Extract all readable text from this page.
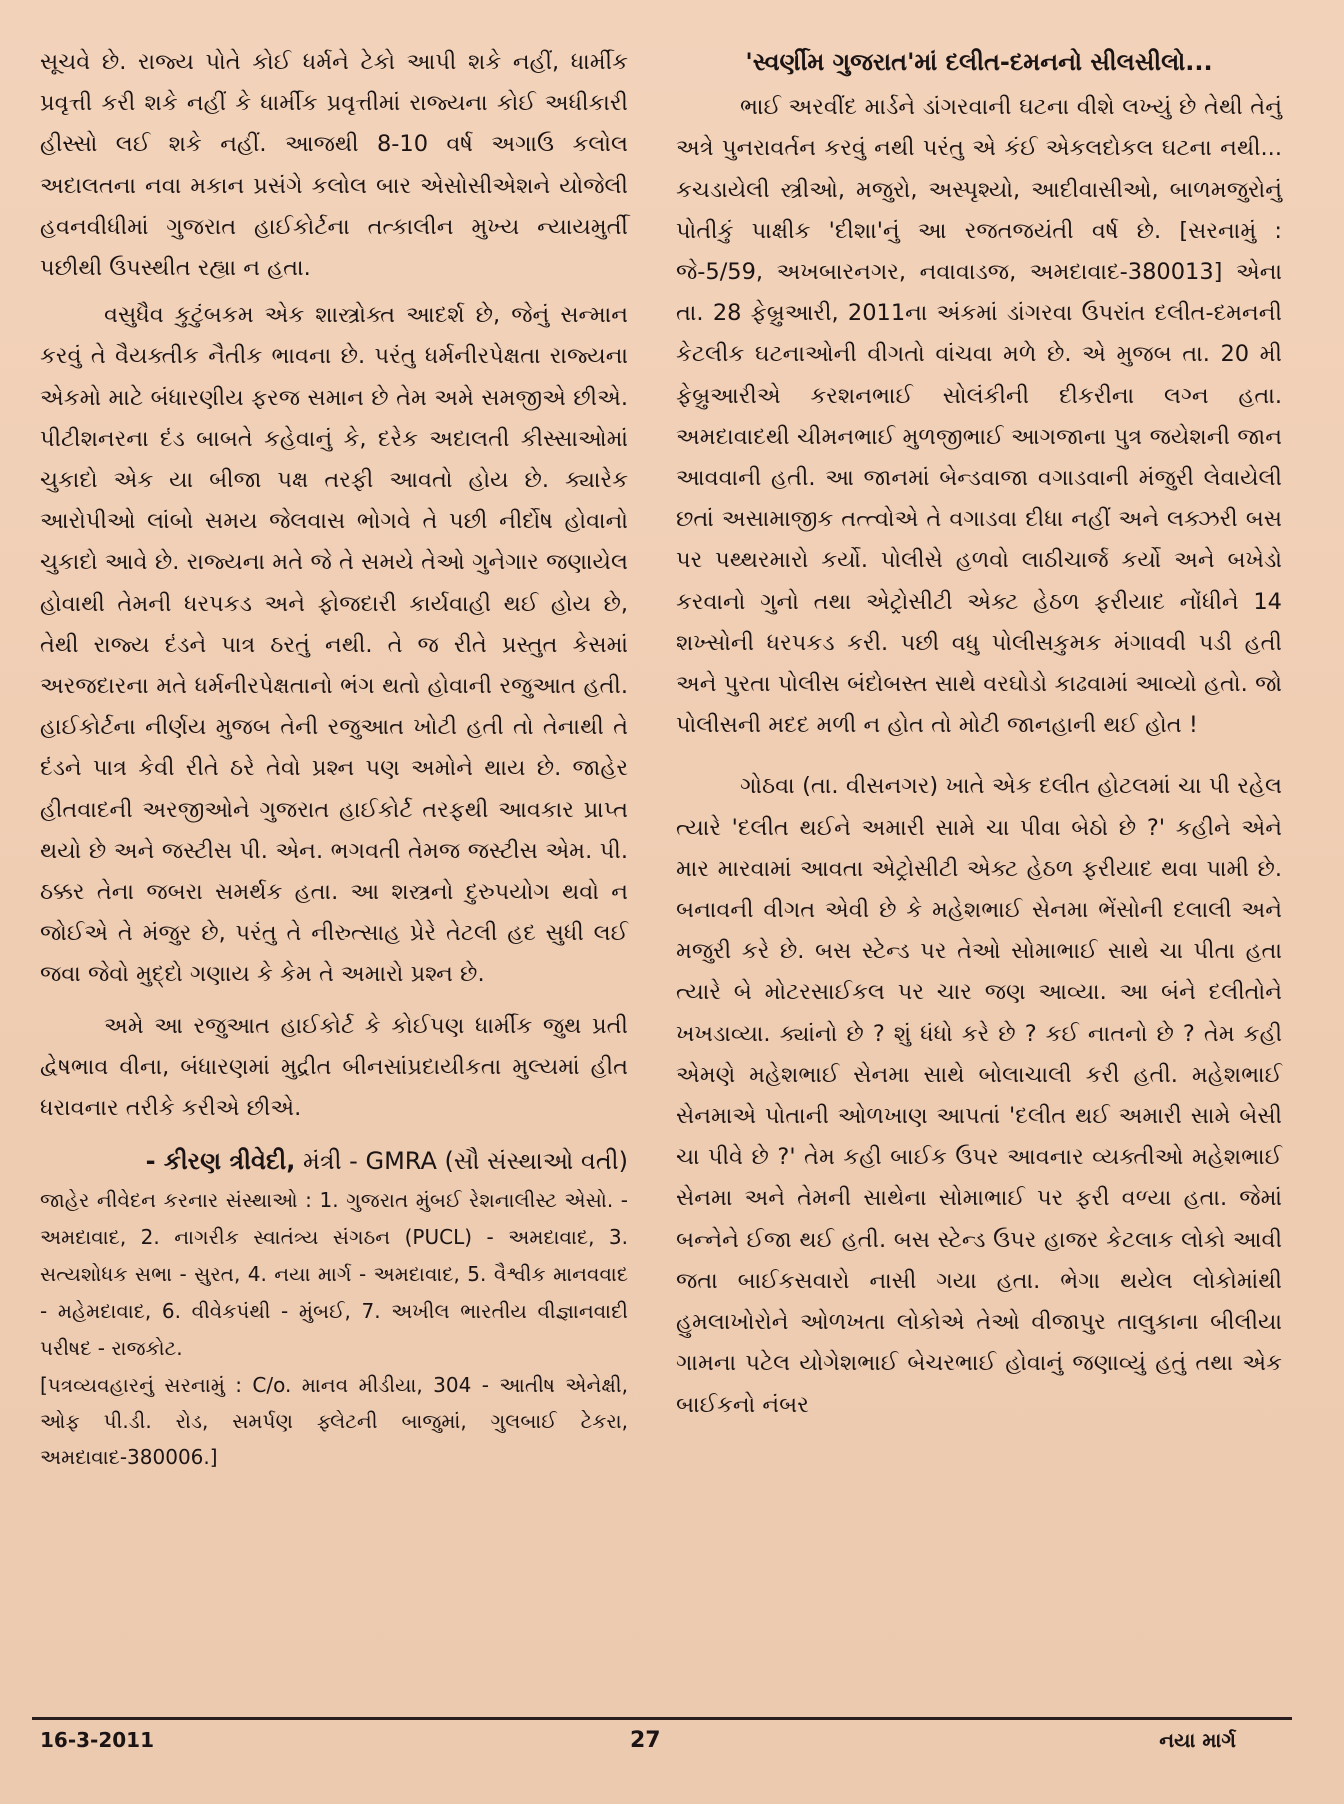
સૂચવે છે. રાજ્ય પોતે કોઈ ધર્મને ટેકો આપી શકે નહીં, ધાર્મીક પ્રવૃત્તી કરી શકે નહીં કે ધાર્મીક પ્રવૃત્તીમાં રાજ્યના કોઈ અધીકારી હીસ્સો લઈ શકે નહીં. આજથી 8-10 વર્ષ અગાઉ કલોલ અદાલતના નવા મકાન પ્રસંગે કલોલ બાર એસોસીએશને યોજેલી હવનવીધીમાં ગુજરાત હાઈકોર્ટના તત્કાલીન મુખ્ય ન્યાયમુર્તી પછીથી ઉપસ્થીત રહ્યા ન હતા.

વસુધૈવ કુટુંબકમ એક શાસ્ત્રોક્ત આદર્શ છે, જેનું સન્માન કરવું તે વૈયક્તીક નૈતીક ભાવના છે. પરંતુ ધર્મનીરપેક્ષતા રાજ્યના એકમો માટે બંધારણીય ફરજ સમાન છે તેમ અમે સમજીએ છીએ. પીટીશનરના દંડ બાબતે કહેવાનું કે, દરેક અદાલતી કીસ્સાઓમાં ચુકાદો એક યા બીજા પક્ષ તરફી આવતો હોય છે. ક્યારેક આરોપીઓ લાંબો સમય જેલવાસ ભોગવે તે પછી નીર્દોષ હોવાનો ચુકાદો આવે છે. રાજ્યના મતે જે તે સમયે તેઓ ગુનેગાર જણાયેલ હોવાથી તેમની ધરપકડ અને ફોજદારી કાર્યવાહી થઈ હોય છે, તેથી રાજ્ય દંડને પાત્ર ઠરતું નથી. તે જ રીતે પ્રસ્તુત કેસમાં અરજદારના મતે ધર્મનીરપેક્ષતાનો ભંગ થતો હોવાની રજુઆત હતી. હાઈકોર્ટના નીર્ણય મુજબ તેની રજુઆત ખોટી હતી તો તેનાથી તે દંડને પાત્ર કેવી રીતે ઠરે તેવો પ્રશ્ન પણ અમોને થાય છે. જાહેર હીતવાદની અરજીઓને ગુજરાત હાઈકોર્ટ તરફથી આવકાર પ્રાપ્ત થયો છે અને જસ્ટીસ પી. એન. ભગવતી તેમજ જસ્ટીસ એમ. પી. ઠક્કર તેના જબરા સમર્થક હતા. આ શસ્ત્રનો દુરુપયોગ થવો ન જોઈએ તે મંજુર છે, પરંતુ તે નીરુત્સાહ પ્રેરે તેટલી હદ સુધી લઈ જવા જેવો મુદ્દો ગણાય કે કેમ તે અમારો પ્રશ્ન છે.

અમે આ રજુઆત હાઈકોર્ટ કે કોઈપણ ધાર્મીક જુથ પ્રતી દ્વેષભાવ વીના, બંધારણમાં મુદ્રીત બીનસાંપ્રદાયીકતા મુલ્યમાં હીત ધરાવનાર તરીકે કરીએ છીએ.

- કીરણ ત્રીવેદી, મંત્રી - GMRA (સૌ સંસ્થાઓ વતી)

જાહેર નીવેદન કરનાર સંસ્થાઓ : 1. ગુજરાત મુંબઈ રેશનાલીસ્ટ એસો. - અમદાવાદ, 2. નાગરીક સ્વાતંત્ર્ય સંગઠન (PUCL) - અમદાવાદ, 3. સત્યશોધક સભા - સુરત, 4. નયા માર્ગ - અમદાવાદ, 5. વૈશ્વીક માનવવાદ - મહેમદાવાદ, 6. વીવેકપંથી - મુંબઈ, 7. અખીલ ભારતીય વીજ્ઞાનવાદી પરીષદ - રાજકોટ.

[પત્રવ્યવહારનું સરનામું : C/o. માનવ મીડીયા, 304 - આતીષ એનેક્ષી, ઓફ પી.ડી. રોડ, સમર્પણ ફ્લેટની બાજુમાં, ગુલબાઈ ટેકરા, અમદાવાદ-380006.]

'સ્વર્ણીમ ગુજરાત'માં દલીત-દમનનો સીલસીલો...

ભાઈ અરવીંદ માર્ડને ડાંગરવાની ઘટના વીશે લખ્યું છે તેથી તેનું અત્રે પુનરાવર્તન કરવું નથી પરંતુ એ કંઈ એકલદોકલ ઘટના નથી... કચડાયેલી સ્ત્રીઓ, મજુરો, અસ્પૃશ્યો, આદીવાસીઓ, બાળમજુરોનું પોતીકું પાક્ષીક 'દીશા'નું આ રજતજયંતી વર્ષ છે. [સરનામું : જે-5/59, અખબારનગર, નવાવાડજ, અમદાવાદ-380013] એના તા. 28 ફેબ્રુઆરી, 2011ના અંકમાં ડાંગરવા ઉપરાંત દલીત-દમનની કેટલીક ઘટનાઓની વીગતો વાંચવા મળે છે. એ મુજબ તા. 20 મી ફેબ્રુઆરીએ કરશનભાઈ સોલંકીની દીકરીના લગ્ન હતા. અમદાવાદથી ચીમનભાઈ મુળજીભાઈ આગજાના પુત્ર જયેશની જાન આવવાની હતી. આ જાનમાં બેન્ડવાજા વગાડવાની મંજુરી લેવાયેલી છતાં અસામાજીક તત્ત્વોએ તે વગાડવા દીધા નહીં અને લક્ઝરી બસ પર પથ્થરમારો કર્યો. પોલીસે હળવો લાઠીચાર્જ કર્યો અને બખેડો કરવાનો ગુનો તથા એટ્રોસીટી એક્ટ હેઠળ ફરીયાદ નોંધીને 14 શખ્સોની ધરપકડ કરી. પછી વધુ પોલીસકુમક મંગાવવી પડી હતી અને પુરતા પોલીસ બંદોબસ્ત સાથે વરઘોડો કાઢવામાં આવ્યો હતો. જો પોલીસની મદદ મળી ન હોત તો મોટી જાનહાની થઈ હોત !

ગોઠવા (તા. વીસનગર) ખાતે એક દલીત હોટલમાં ચા પી રહેલ ત્યારે 'દલીત થઈને અમારી સામે ચા પીવા બેઠો છે ?' કહીને એને માર મારવામાં આવતા એટ્રોસીટી એક્ટ હેઠળ ફરીયાદ થવા પામી છે. બનાવની વીગત એવી છે કે મહેશભાઈ સેનમા ભેંસોની દલાલી અને મજુરી કરે છે. બસ સ્ટેન્ડ પર તેઓ સોમાભાઈ સાથે ચા પીતા હતા ત્યારે બે મોટરસાઈકલ પર ચાર જણ આવ્યા. આ બંને દલીતોને ખખડાવ્યા. ક્યાંનો છે ? શું ધંધો કરે છે ? કઈ નાતનો છે ? તેમ કહી એમણે મહેશભાઈ સેનમા સાથે બોલાચાલી કરી હતી. મહેશભાઈ સેનમાએ પોતાની ઓળખાણ આપતાં 'દલીત થઈ અમારી સામે બેસી ચા પીવે છે ?' તેમ કહી બાઈક ઉપર આવનાર વ્યક્તીઓ મહેશભાઈ સેનમા અને તેમની સાથેના સોમાભાઈ પર ફરી વળ્યા હતા. જેમાં બન્નેને ઈજા થઈ હતી. બસ સ્ટેન્ડ ઉપર હાજર કેટલાક લોકો આવી જતા બાઈકસવારો નાસી ગયા હતા. ભેગા થયેલ લોકોમાંથી હુમલાખોરોને ઓળખતા લોકોએ તેઓ વીજાપુર તાલુકાના બીલીયા ગામના પટેલ યોગેશભાઈ બેચરભાઈ હોવાનું જણાવ્યું હતું તથા એક બાઈકનો નંબર

16-3-2011	27	નયા માર્ગ
